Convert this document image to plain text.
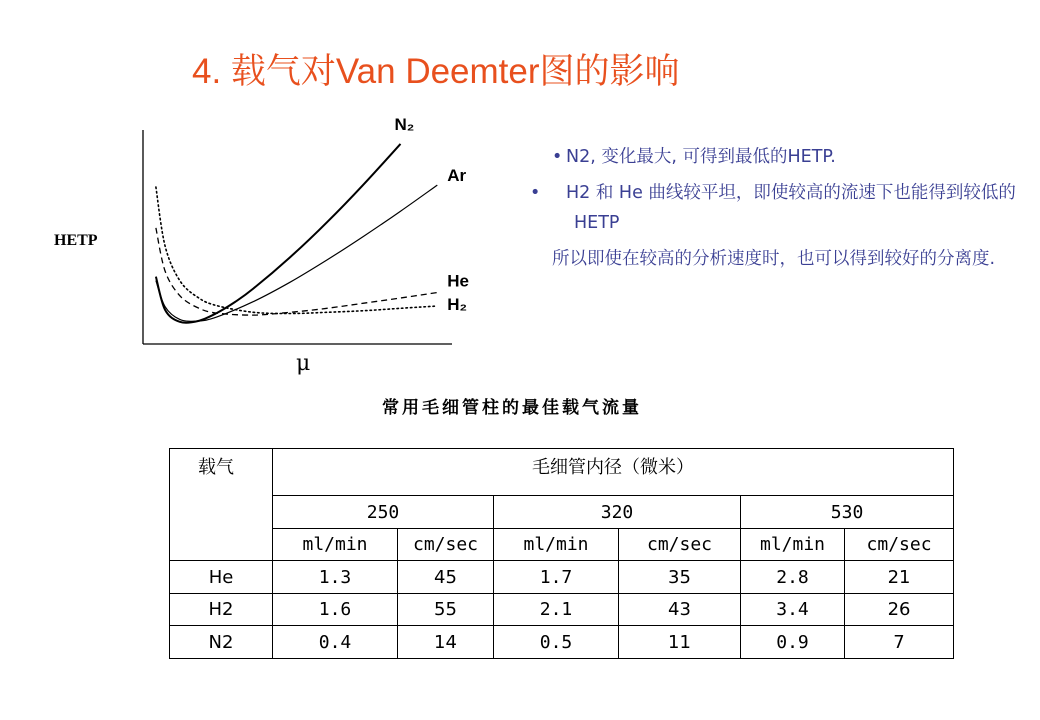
4. 载气对Van Deemter图的影响
N₂
Ar
He
H₂
HETP
μ
• N2, 变化最大, 可得到最低的HETP.
• H2 和 He 曲线较平坦，即使较高的流速下也能得到较低的HETP
所以即使在较高的分析速度时，也可以得到较好的分离度.

常用毛细管柱的最佳载气流量

载气	毛细管内径（微米）					
	250		320		530	
	ml/min	cm/sec	ml/min	cm/sec	ml/min	cm/sec
He	1.3	45	1.7	35	2.8	21
H2	1.6	55	2.1	43	3.4	26
N2	0.4	14	0.5	11	0.9	7
